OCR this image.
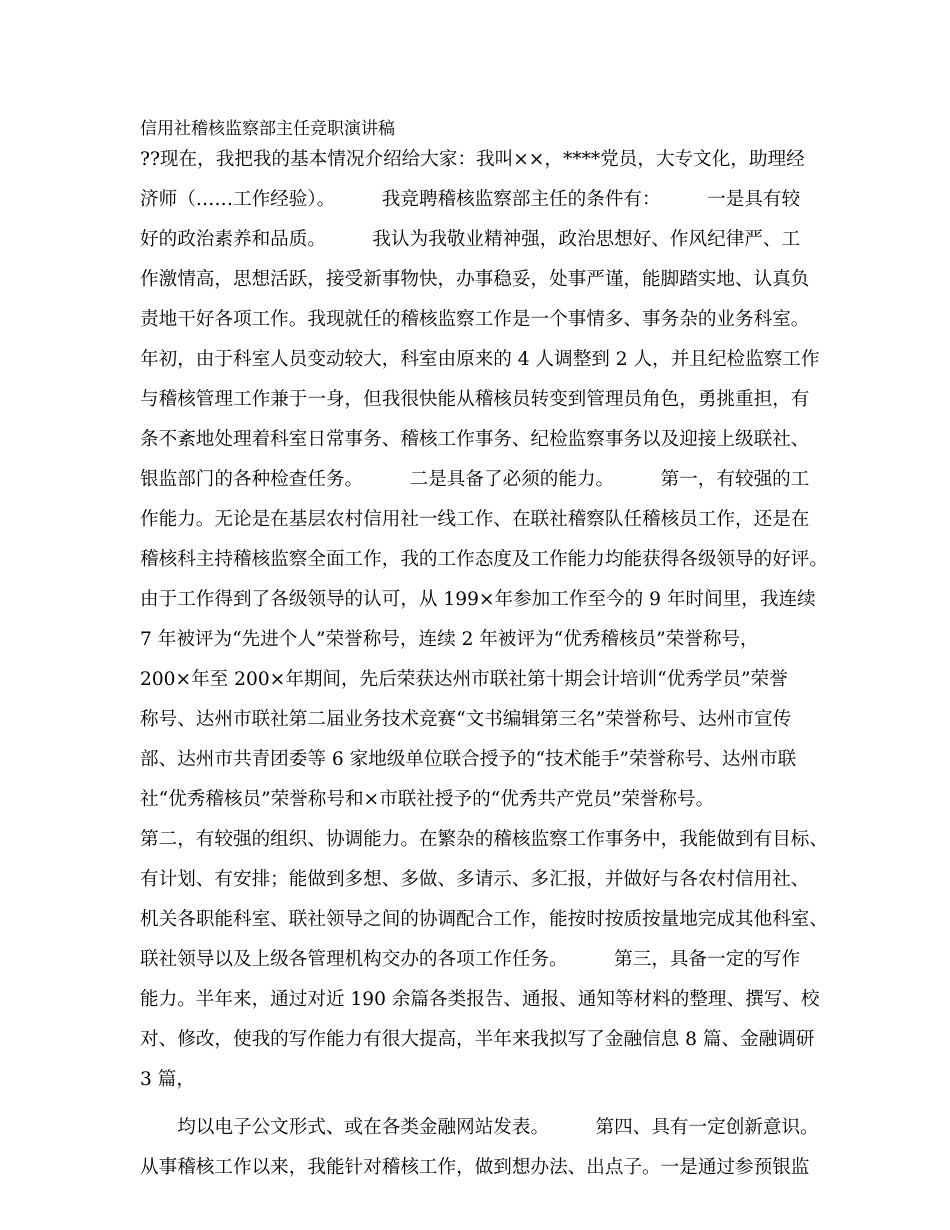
信用社稽核监察部主任竞职演讲稿
??现在，我把我的基本情况介绍给大家：我叫××，****党员，大专文化，助理经
济师（……工作经验）。　　　我竞聘稽核监察部主任的条件有：　　　一是具有较
好的政治素养和品质。　　　我认为我敬业精神强，政治思想好、作风纪律严、工
作激情高，思想活跃，接受新事物快，办事稳妥，处事严谨，能脚踏实地、认真负
责地干好各项工作。我现就任的稽核监察工作是一个事情多、事务杂的业务科室。
年初，由于科室人员变动较大，科室由原来的 4 人调整到 2 人，并且纪检监察工作
与稽核管理工作兼于一身，但我很快能从稽核员转变到管理员角色，勇挑重担，有
条不紊地处理着科室日常事务、稽核工作事务、纪检监察事务以及迎接上级联社、
银监部门的各种检查任务。　　　二是具备了必须的能力。　　　第一，有较强的工
作能力。无论是在基层农村信用社一线工作、在联社稽察队任稽核员工作，还是在
稽核科主持稽核监察全面工作，我的工作态度及工作能力均能获得各级领导的好评。
由于工作得到了各级领导的认可，从 199×年参加工作至今的 9 年时间里，我连续
7 年被评为“先进个人”荣誉称号，连续 2 年被评为“优秀稽核员”荣誉称号，
200×年至 200×年期间，先后荣获达州市联社第十期会计培训“优秀学员”荣誉
称号、达州市联社第二届业务技术竞赛“文书编辑第三名”荣誉称号、达州市宣传
部、达州市共青团委等 6 家地级单位联合授予的“技术能手”荣誉称号、达州市联
社“优秀稽核员”荣誉称号和×市联社授予的“优秀共产党员”荣誉称号。
第二，有较强的组织、协调能力。在繁杂的稽核监察工作事务中，我能做到有目标、
有计划、有安排；能做到多想、多做、多请示、多汇报，并做好与各农村信用社、
机关各职能科室、联社领导之间的协调配合工作，能按时按质按量地完成其他科室、
联社领导以及上级各管理机构交办的各项工作任务。　　　第三，具备一定的写作
能力。半年来，通过对近 190 余篇各类报告、通报、通知等材料的整理、撰写、校
对、修改，使我的写作能力有很大提高，半年来我拟写了金融信息 8 篇、金融调研
3 篇，
　　均以电子公文形式、或在各类金融网站发表。　　　第四、具有一定创新意识。
从事稽核工作以来，我能针对稽核工作，做到想办法、出点子。一是通过参预银监
